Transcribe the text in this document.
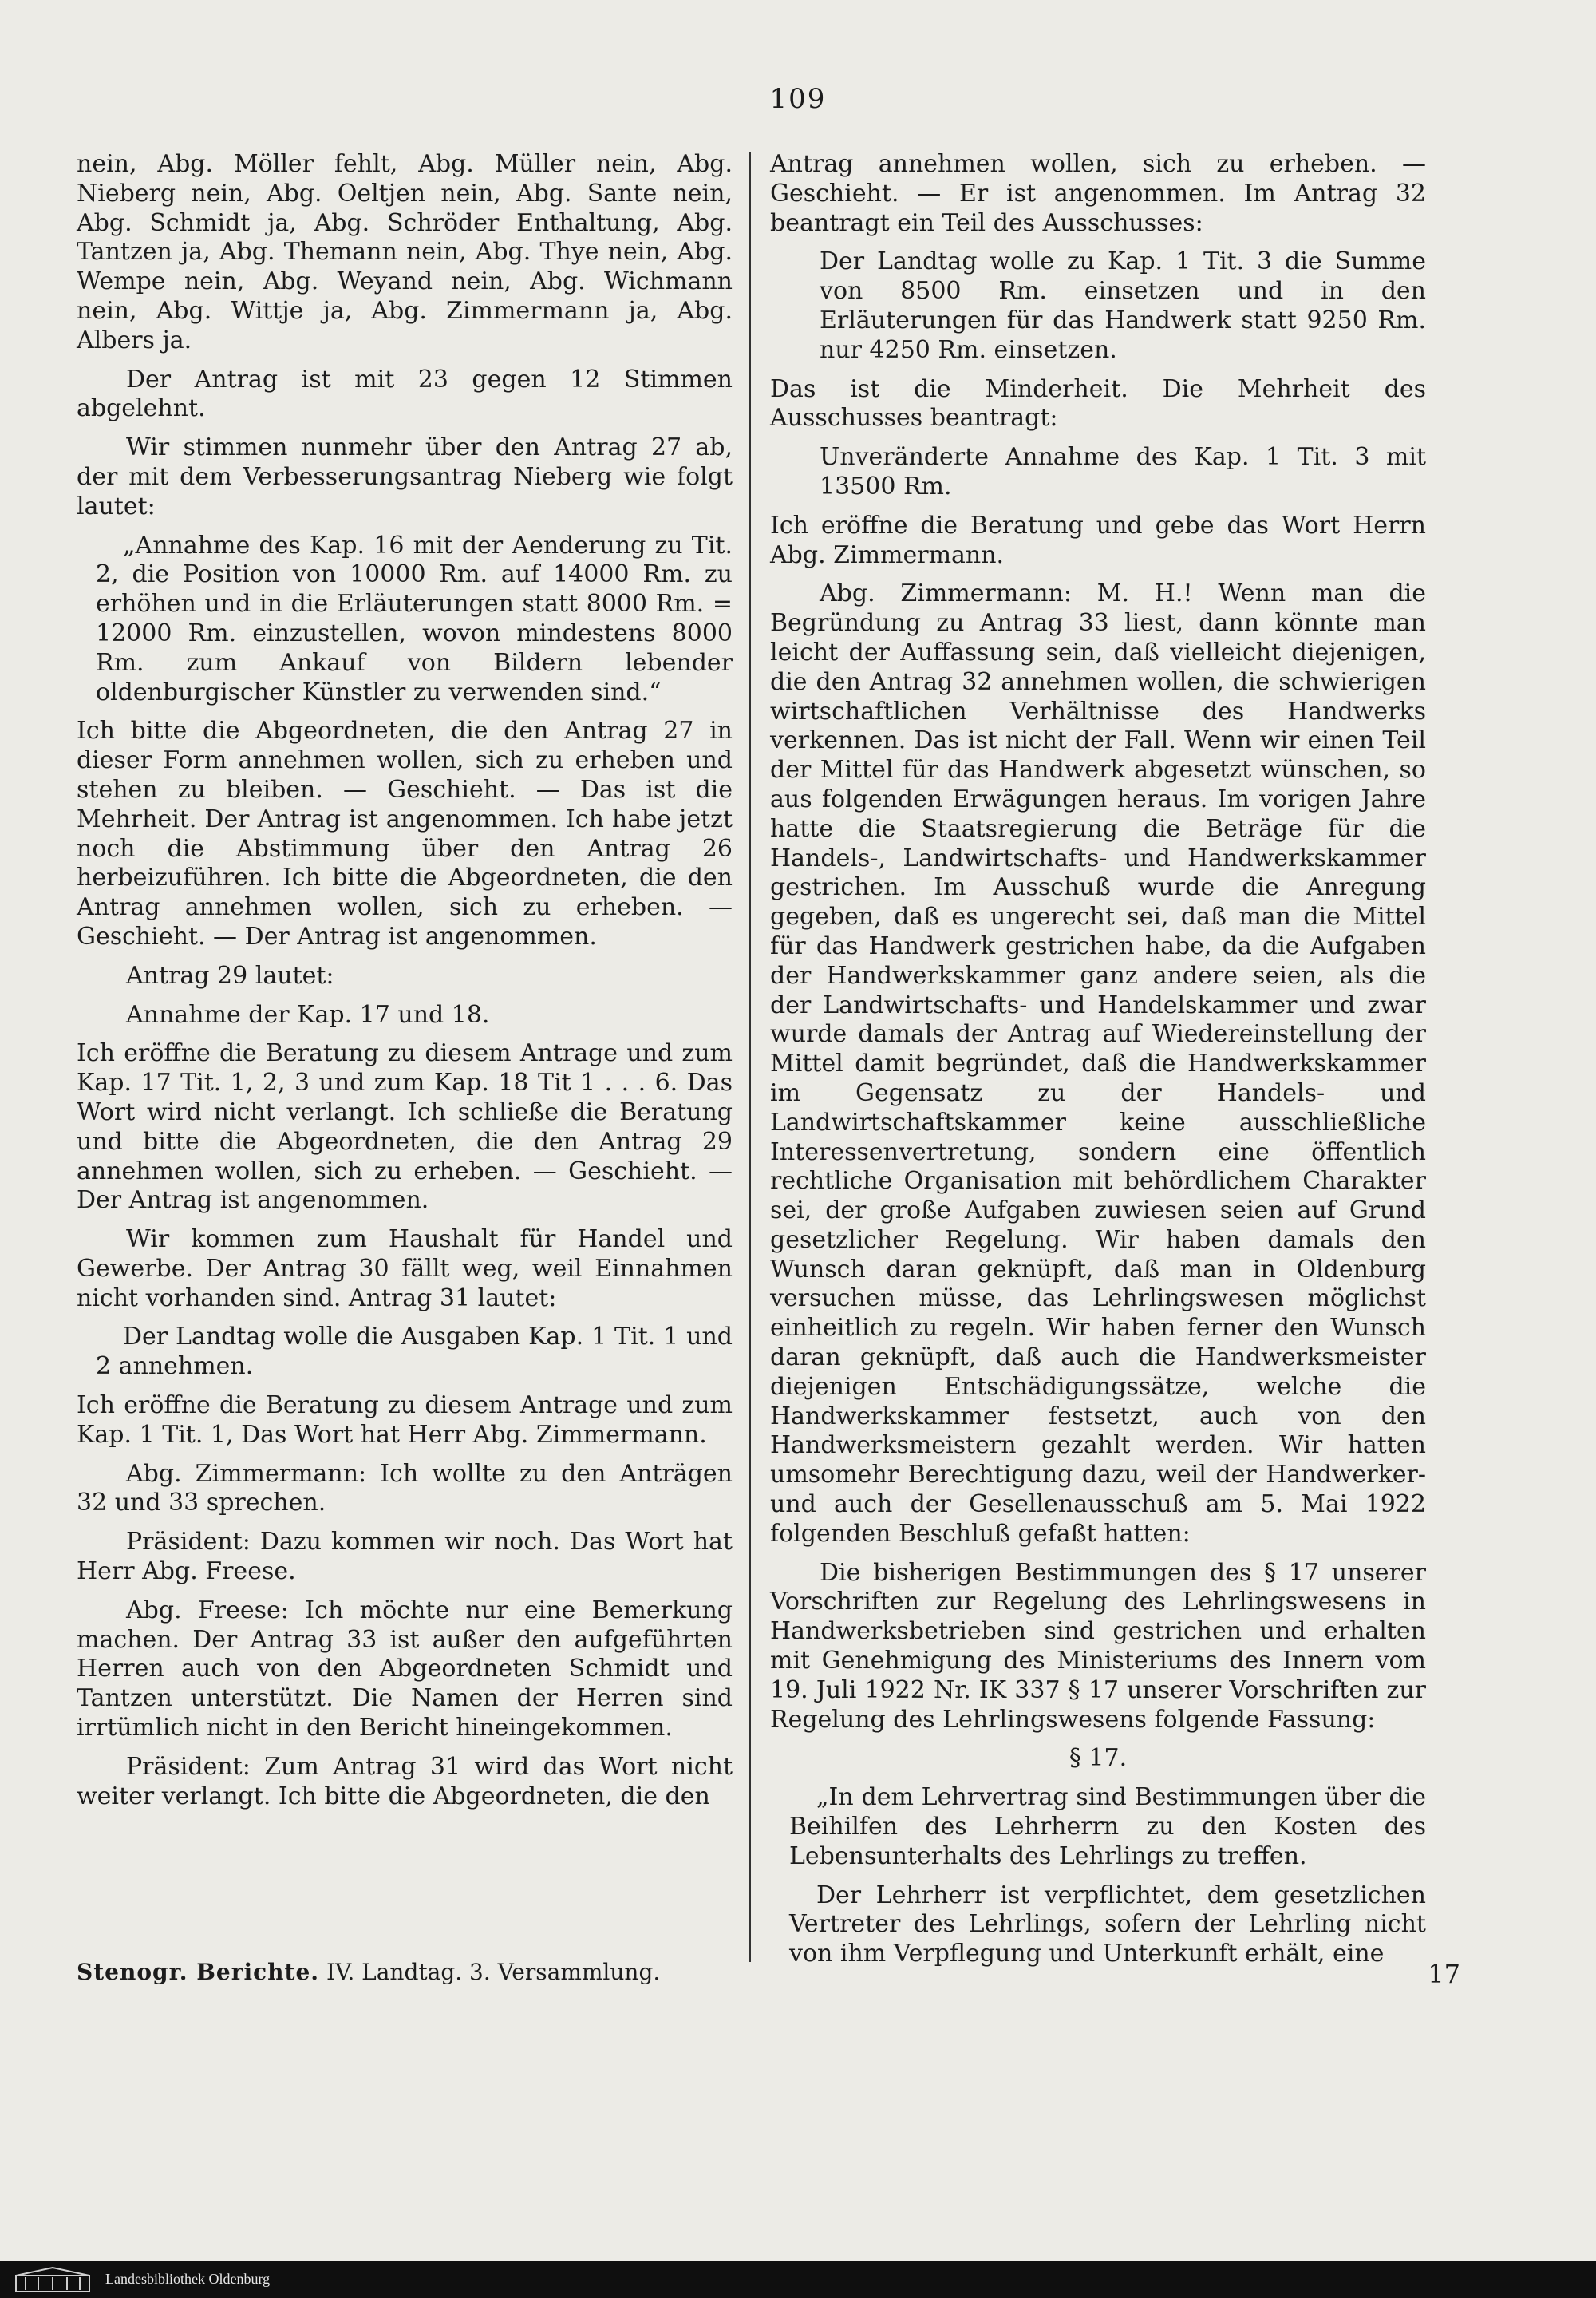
109

nein, Abg. Möller fehlt, Abg. Müller nein, Abg. Nieberg nein, Abg. Oeltjen nein, Abg. Sante nein, Abg. Schmidt ja, Abg. Schröder Enthaltung, Abg. Tantzen ja, Abg. Themann nein, Abg. Thye nein, Abg. Wempe nein, Abg. Weyand nein, Abg. Wichmann nein, Abg. Wittje ja, Abg. Zimmermann ja, Abg. Albers ja.

Der Antrag ist mit 23 gegen 12 Stimmen abgelehnt.

Wir stimmen nunmehr über den Antrag 27 ab, der mit dem Verbesserungsantrag Nieberg wie folgt lautet:

„Annahme des Kap. 16 mit der Aenderung zu Tit. 2, die Position von 10000 Rm. auf 14000 Rm. zu erhöhen und in die Erläuterungen statt 8000 Rm. = 12000 Rm. einzustellen, wovon mindestens 8000 Rm. zum Ankauf von Bildern lebender oldenburgischer Künstler zu verwenden sind.“

Ich bitte die Abgeordneten, die den Antrag 27 in dieser Form annehmen wollen, sich zu erheben und stehen zu bleiben. — Geschieht. — Das ist die Mehrheit. Der Antrag ist angenommen. Ich habe jetzt noch die Abstimmung über den Antrag 26 herbeizuführen. Ich bitte die Abgeordneten, die den Antrag annehmen wollen, sich zu erheben. — Geschieht. — Der Antrag ist angenommen.

Antrag 29 lautet:

Annahme der Kap. 17 und 18.

Ich eröffne die Beratung zu diesem Antrage und zum Kap. 17 Tit. 1, 2, 3 und zum Kap. 18 Tit 1 . . . 6. Das Wort wird nicht verlangt. Ich schließe die Beratung und bitte die Abgeordneten, die den Antrag 29 annehmen wollen, sich zu erheben. — Geschieht. — Der Antrag ist angenommen.

Wir kommen zum Haushalt für Handel und Gewerbe. Der Antrag 30 fällt weg, weil Einnahmen nicht vorhanden sind. Antrag 31 lautet:

Der Landtag wolle die Ausgaben Kap. 1 Tit. 1 und 2 annehmen.

Ich eröffne die Beratung zu diesem Antrage und zum Kap. 1 Tit. 1, Das Wort hat Herr Abg. Zimmermann.

Abg. Zimmermann: Ich wollte zu den Anträgen 32 und 33 sprechen.

Präsident: Dazu kommen wir noch. Das Wort hat Herr Abg. Freese.

Abg. Freese: Ich möchte nur eine Bemerkung machen. Der Antrag 33 ist außer den aufgeführten Herren auch von den Abgeordneten Schmidt und Tantzen unterstützt. Die Namen der Herren sind irrtümlich nicht in den Bericht hineingekommen.

Präsident: Zum Antrag 31 wird das Wort nicht weiter verlangt. Ich bitte die Abgeordneten, die den

Antrag annehmen wollen, sich zu erheben. — Geschieht. — Er ist angenommen. Im Antrag 32 beantragt ein Teil des Ausschusses:

Der Landtag wolle zu Kap. 1 Tit. 3 die Summe von 8500 Rm. einsetzen und in den Erläuterungen für das Handwerk statt 9250 Rm. nur 4250 Rm. einsetzen.

Das ist die Minderheit. Die Mehrheit des Ausschusses beantragt:

Unveränderte Annahme des Kap. 1 Tit. 3 mit 13500 Rm.

Ich eröffne die Beratung und gebe das Wort Herrn Abg. Zimmermann.

Abg. Zimmermann: M. H.! Wenn man die Begründung zu Antrag 33 liest, dann könnte man leicht der Auffassung sein, daß vielleicht diejenigen, die den Antrag 32 annehmen wollen, die schwierigen wirtschaftlichen Verhältnisse des Handwerks verkennen. Das ist nicht der Fall. Wenn wir einen Teil der Mittel für das Handwerk abgesetzt wünschen, so aus folgenden Erwägungen heraus. Im vorigen Jahre hatte die Staatsregierung die Beträge für die Handels-, Landwirtschafts- und Handwerkskammer gestrichen. Im Ausschuß wurde die Anregung gegeben, daß es ungerecht sei, daß man die Mittel für das Handwerk gestrichen habe, da die Aufgaben der Handwerkskammer ganz andere seien, als die der Landwirtschafts- und Handelskammer und zwar wurde damals der Antrag auf Wiedereinstellung der Mittel damit begründet, daß die Handwerkskammer im Gegensatz zu der Handels- und Landwirtschaftskammer keine ausschließliche Interessenvertretung, sondern eine öffentlich rechtliche Organisation mit behördlichem Charakter sei, der große Aufgaben zuwiesen seien auf Grund gesetzlicher Regelung. Wir haben damals den Wunsch daran geknüpft, daß man in Oldenburg versuchen müsse, das Lehrlingswesen möglichst einheitlich zu regeln. Wir haben ferner den Wunsch daran geknüpft, daß auch die Handwerksmeister diejenigen Entschädigungssätze, welche die Handwerkskammer festsetzt, auch von den Handwerksmeistern gezahlt werden. Wir hatten umsomehr Berechtigung dazu, weil der Handwerker- und auch der Gesellenausschuß am 5. Mai 1922 folgenden Beschluß gefaßt hatten:

Die bisherigen Bestimmungen des § 17 unserer Vorschriften zur Regelung des Lehrlingswesens in Handwerksbetrieben sind gestrichen und erhalten mit Genehmigung des Ministeriums des Innern vom 19. Juli 1922 Nr. IK 337 § 17 unserer Vorschriften zur Regelung des Lehrlingswesens folgende Fassung:

§ 17.

„In dem Lehrvertrag sind Bestimmungen über die Beihilfen des Lehrherrn zu den Kosten des Lebensunterhalts des Lehrlings zu treffen.

Der Lehrherr ist verpflichtet, dem gesetzlichen Vertreter des Lehrlings, sofern der Lehrling nicht von ihm Verpflegung und Unterkunft erhält, eine

Stenogr. Berichte. IV. Landtag. 3. Versammlung.	17
Landesbibliothek Oldenburg
